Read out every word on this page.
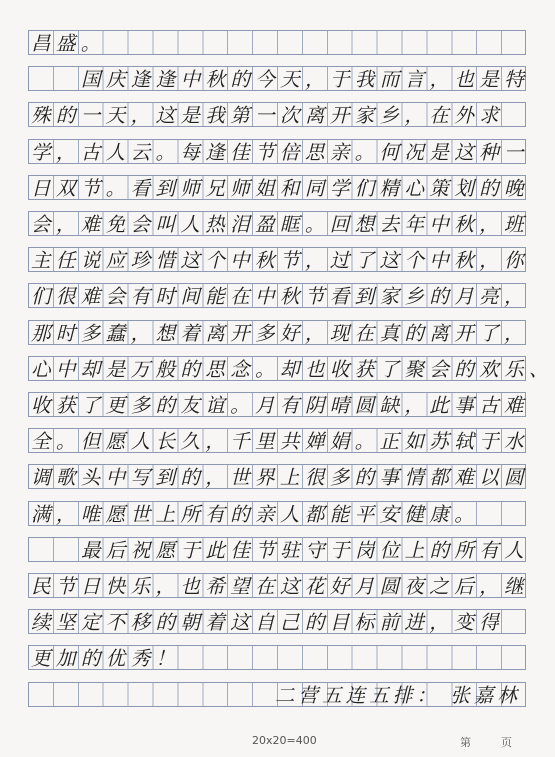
昌盛。
国庆逢逢中秋的今天，于我而言，也是特
殊的一天，这是我第一次离开家乡，在外求
学，古人云。每逢佳节倍思亲。何况是这种一
日双节。看到师兄师姐和同学们精心策划的晚
会，难免会叫人热泪盈眶。回想去年中秋，班
主任说应珍惜这个中秋节，过了这个中秋，你
们很难会有时间能在中秋节看到家乡的月亮，
那时多蠢，想着离开多好，现在真的离开了，
心中却是万般的思念。却也收获了聚会的欢乐、
收获了更多的友谊。月有阴晴圆缺，此事古难
全。但愿人长久，千里共婵娟。正如苏轼于水
调歌头中写到的，世界上很多的事情都难以圆
满，唯愿世上所有的亲人都能平安健康。
最后祝愿于此佳节驻守于岗位上的所有人
民节日快乐，也希望在这花好月圆夜之后，继
续坚定不移的朝着这自己的目标前进，变得
更加的优秀！
二营五连五排： 张嘉林
20x20=400	第	页
